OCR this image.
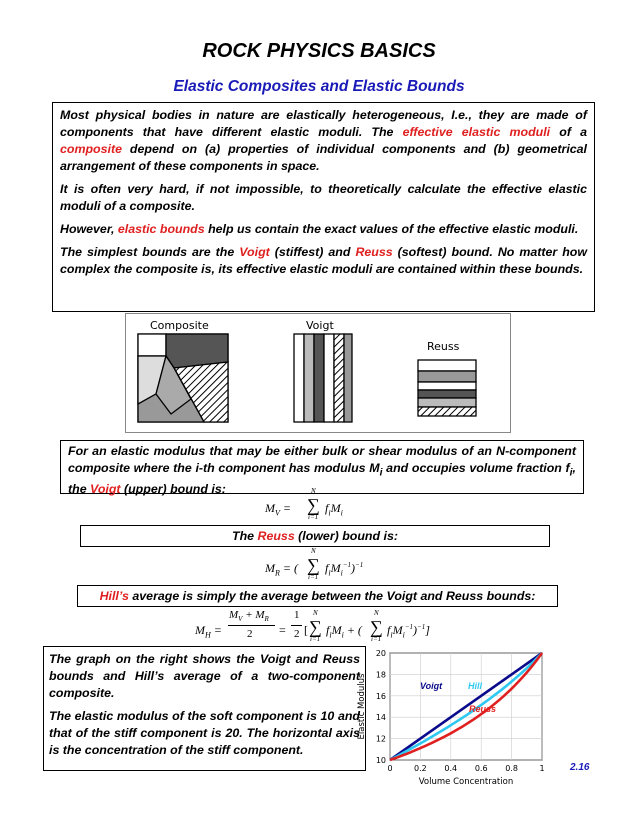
ROCK PHYSICS BASICS
Elastic Composites and Elastic Bounds

Most physical bodies in nature are elastically heterogeneous, I.e., they are made of components that have different elastic moduli. The effective elastic moduli of a composite depend on (a) properties of individual components and (b) geometrical arrangement of these components in space.

It is often very hard, if not impossible, to theoretically calculate the effective elastic moduli of a composite.

However, elastic bounds help us contain the exact values of the effective elastic moduli.

The simplest bounds are the Voigt (stiffest) and Reuss (softest) bound. No matter how complex the composite is, its effective elastic moduli are contained within these bounds.

Composite	Voigt
Reuss
For an elastic modulus that may be either bulk or shear modulus of an N-component composite where the i-th component has modulus $M_i$ and occupies volume fraction $f_i$, the Voigt (upper) bound is:
$M_V$ = ∑
N
i=1
$f_iM_i$
The Reuss (lower) bound is:
$M_R$ = ( ∑
N
i=1
$f_iM_i^{-1})^{-1}$
Hill’s average is simply the average between the Voigt and Reuss bounds:
$M_H$ =
$M_V + M_R$
2 =
1
2 [ ∑
N
i=1
$f_iM_i$ + ( ∑
N
i=1
$f_iM_i^{-1})^{-1}$]

The graph on the right shows the Voigt and Reuss bounds and Hill’s average of a two-component composite.

The elastic modulus of the soft component is 10 and that of the stiff component is 20. The horizontal axis is the concentration of the stiff component.

0	0.2 0.4 0.6 0.8	1
10
12
14
16
18
20
Volume Concentration
Elastic Modulus	Voigt	Hill
Reuss
2.16
